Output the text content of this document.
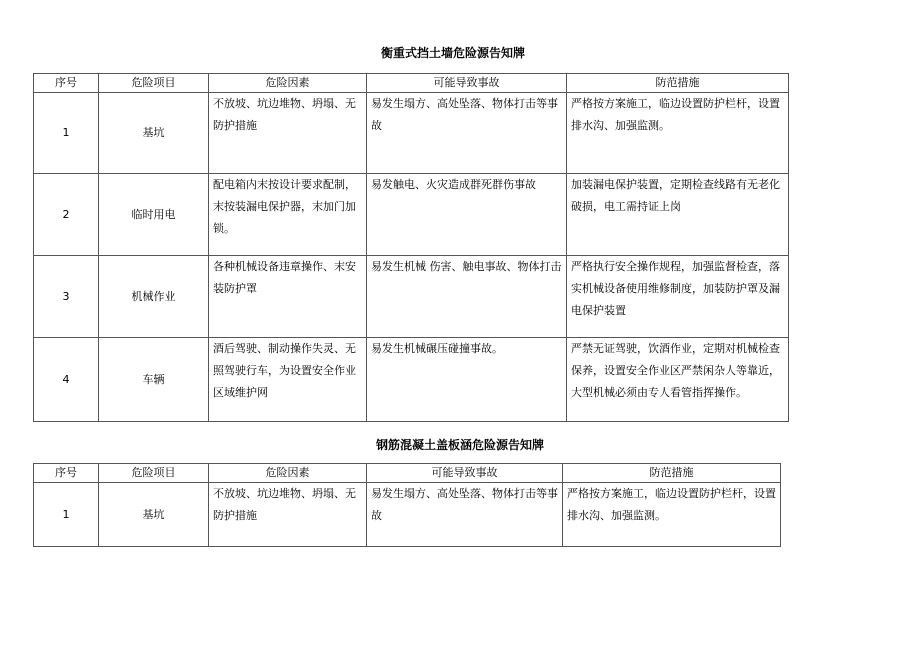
衡重式挡土墙危险源告知牌
序号	危险项目	危险因素	可能导致事故	防范措施
1	基坑	不放坡、坑边堆物、坍塌、无防护措施	易发生塌方、高处坠落、物体打击等事故	严格按方案施工，临边设置防护栏杆，设置排水沟、加强监测。
2	临时用电	配电箱内末按设计要求配制，末按装漏电保护器，末加门加锁。	易发触电、火灾造成群死群伤事故	加装漏电保护装置，定期检查线路有无老化破损，电工需持证上岗
3	机械作业	各种机械设备违章操作、末安装防护罩	易发生机械 伤害、触电事故、物体打击	严格执行安全操作规程，加强监督检查，落实机械设备使用维修制度，加装防护罩及漏电保护装置
4	车辆	酒后驾驶、制动操作失灵、无照驾驶行车，为设置安全作业区域维护网	易发生机械碾压碰撞事故。	严禁无证驾驶，饮酒作业，定期对机械检查保养，设置安全作业区严禁闲杂人等靠近，大型机械必须由专人看管指挥操作。
钢筋混凝土盖板涵危险源告知牌
序号	危险项目	危险因素	可能导致事故	防范措施
1	基坑	不放坡、坑边堆物、坍塌、无防护措施	易发生塌方、高处坠落、物体打击等事故	严格按方案施工，临边设置防护栏杆，设置排水沟、加强监测。
